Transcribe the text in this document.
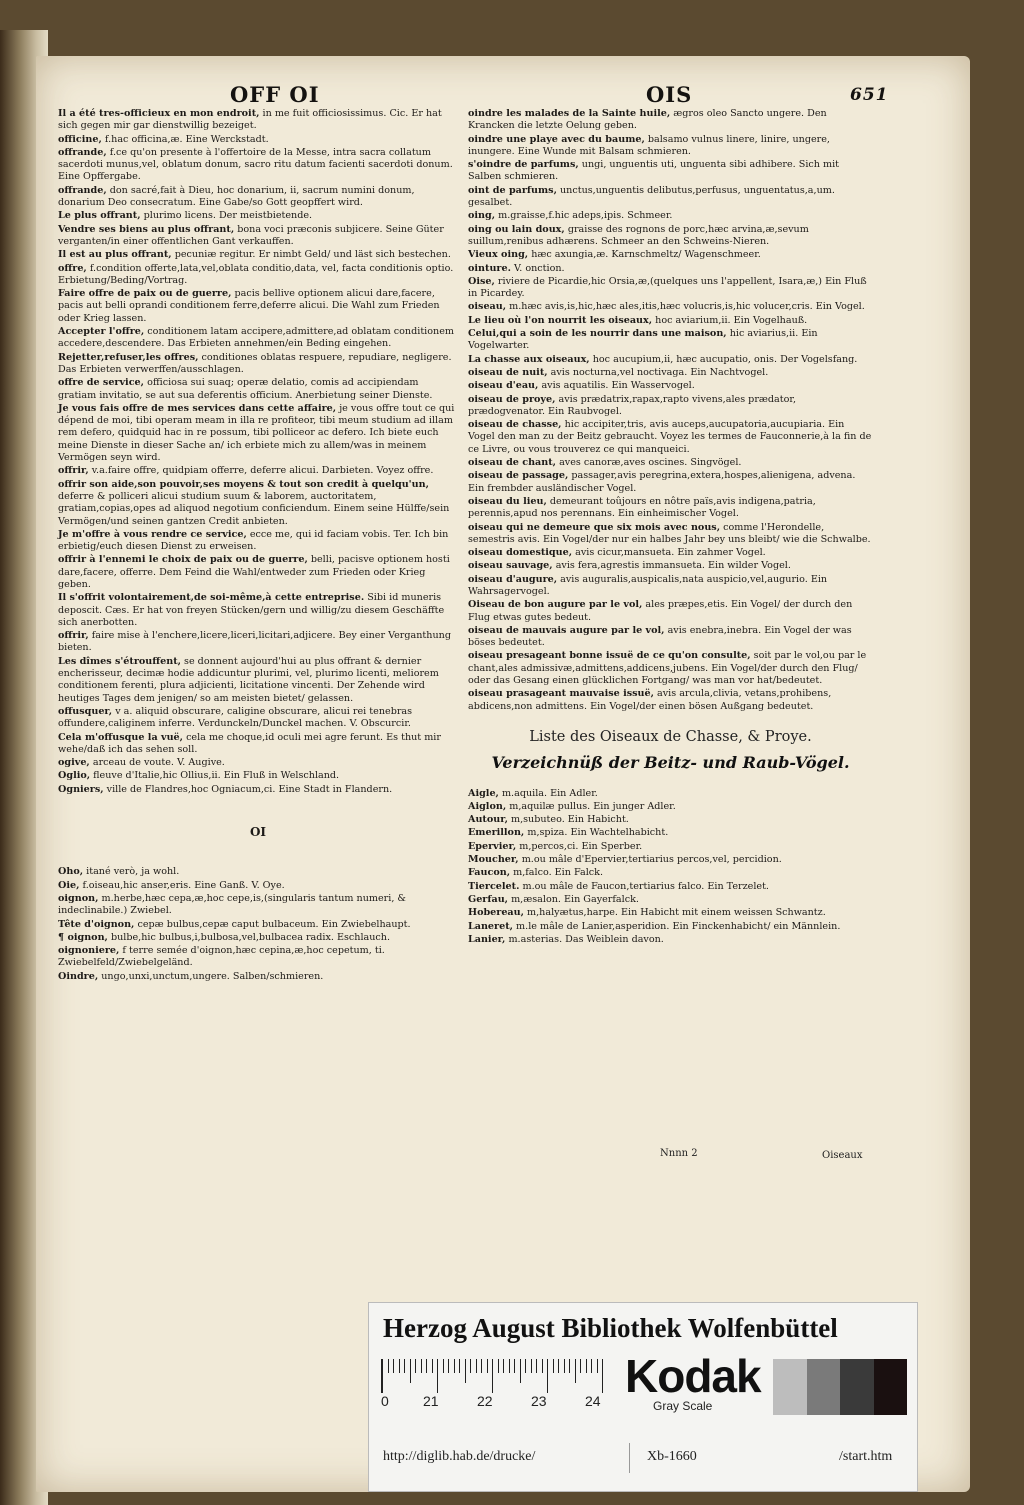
OFF OI	OIS	651
Il a été tres-officieux en mon endroit, in me fuit officiosissimus. Cic. Er hat sich gegen mir gar dienstwillig bezeiget.
officine, f.hac officina,æ. Eine Werckstadt.
offrande, f.ce qu'on presente à l'offertoire de la Messe, intra sacra collatum sacerdoti munus,vel, oblatum donum, sacro ritu datum facienti sacerdoti donum. Eine Opffergabe.
offrande, don sacré,fait à Dieu, hoc donarium, ii, sacrum numini donum, donarium Deo consecratum. Eine Gabe/so Gott geopffert wird.
Le plus offrant, plurimo licens. Der meistbietende.
Vendre ses biens au plus offrant, bona voci præconis subjicere. Seine Güter verganten/in einer offentlichen Gant verkauffen.
Il est au plus offrant, pecuniæ regitur. Er nimbt Geld/ und läst sich bestechen.
offre, f.condition offerte,lata,vel,oblata conditio,data, vel, facta conditionis optio. Erbietung/Beding/Vortrag.
Faire offre de paix ou de guerre, pacis bellive optionem alicui dare,facere, pacis aut belli oprandi conditionem ferre,deferre alicui. Die Wahl zum Frieden oder Krieg lassen.
Accepter l'offre, conditionem latam accipere,admittere,ad oblatam conditionem accedere,descendere. Das Erbieten annehmen/ein Beding eingehen.
Rejetter,refuser,les offres, conditiones oblatas respuere, repudiare, negligere. Das Erbieten verwerffen/ausschlagen.
offre de service, officiosa sui suaq; operæ delatio, comis ad accipiendam gratiam invitatio, se aut sua deferentis officium. Anerbietung seiner Dienste.
Je vous fais offre de mes services dans cette affaire, je vous offre tout ce qui dépend de moi, tibi operam meam in illa re profiteor, tibi meum studium ad illam rem defero, quidquid hac in re possum, tibi polliceor ac defero. Ich biete euch meine Dienste in dieser Sache an/ ich erbiete mich zu allem/was in meinem Vermögen seyn wird.
offrir, v.a.faire offre, quidpiam offerre, deferre alicui. Darbieten. Voyez offre.
offrir son aide,son pouvoir,ses moyens & tout son credit à quelqu'un, deferre & polliceri alicui studium suum & laborem, auctoritatem, gratiam,copias,opes ad aliquod negotium conficiendum. Einem seine Hülffe/sein Vermögen/und seinen gantzen Credit anbieten.
Je m'offre à vous rendre ce service, ecce me, qui id faciam vobis. Ter. Ich bin erbietig/euch diesen Dienst zu erweisen.
offrir à l'ennemi le choix de paix ou de guerre, belli, pacisve optionem hosti dare,facere, offerre. Dem Feind die Wahl/entweder zum Frieden oder Krieg geben.
Il s'offrit volontairement,de soi-même,à cette entreprise. Sibi id muneris deposcit. Cæs. Er hat von freyen Stücken/gern und willig/zu diesem Geschäffte sich anerbotten.
offrir, faire mise à l'enchere,licere,liceri,licitari,adjicere. Bey einer Verganthung bieten.
Les dîmes s'étrouffent, se donnent aujourd'hui au plus offrant & dernier encherisseur, decimæ hodie addicuntur plurimi, vel, plurimo licenti, meliorem conditionem ferenti, plura adjicienti, licitatione vincenti. Der Zehende wird heutiges Tages dem jenigen/ so am meisten bietet/ gelassen.
offusquer, v a. aliquid obscurare, caligine obscurare, alicui rei tenebras offundere,caliginem inferre. Verdunckeln/Dunckel machen. V. Obscurcir.
Cela m'offusque la vuë, cela me choque,id oculi mei agre ferunt. Es thut mir wehe/daß ich das sehen soll.
ogive, arceau de voute. V. Augive.
Oglio, fleuve d'Italie,hic Ollius,ii. Ein Fluß in Welschland.
Ogniers, ville de Flandres,hoc Ogniacum,ci. Eine Stadt in Flandern.
OI
Oho, itané verò, ja wohl.
Oie, f.oiseau,hic anser,eris. Eine Ganß. V. Oye.
oignon, m.herbe,hæc cepa,æ,hoc cepe,is,(singularis tantum numeri, & indeclinabile.) Zwiebel.
Tête d'oignon, cepæ bulbus,cepæ caput bulbaceum. Ein Zwiebelhaupt.
¶ oignon, bulbe,hic bulbus,i,bulbosa,vel,bulbacea radix. Eschlauch.
oignoniere, f terre semée d'oignon,hæc cepina,æ,hoc cepetum, ti. Zwiebelfeld/Zwiebelgeländ.
Oindre, ungo,unxi,unctum,ungere. Salben/schmieren.
oindre les malades de la Sainte huile, ægros oleo Sancto ungere. Den Krancken die letzte Oelung geben.
oindre une playe avec du baume, balsamo vulnus linere, linire, ungere, inungere. Eine Wunde mit Balsam schmieren.
s'oindre de parfums, ungi, unguentis uti, unguenta sibi adhibere. Sich mit Salben schmieren.
oint de parfums, unctus,unguentis delibutus,perfusus, unguentatus,a,um. gesalbet.
oing, m.graisse,f.hic adeps,ipis. Schmeer.
oing ou lain doux, graisse des rognons de porc,hæc arvina,æ,sevum suillum,renibus adhærens. Schmeer an den Schweins-Nieren.
Vieux oing, hæc axungia,æ. Karnschmeltz/ Wagenschmeer.
ointure. V. onction.
Oise, riviere de Picardie,hic Orsia,æ,(quelques uns l'appellent, Isara,æ,) Ein Fluß in Picardey.
oiseau, m.hæc avis,is,hic,hæc ales,itis,hæc volucris,is,hic volucer,cris. Ein Vogel.
Le lieu où l'on nourrit les oiseaux, hoc aviarium,ii. Ein Vogelhauß.
Celui,qui a soin de les nourrir dans une maison, hic aviarius,ii. Ein Vogelwarter.
La chasse aux oiseaux, hoc aucupium,ii, hæc aucupatio, onis. Der Vogelsfang.
oiseau de nuit, avis nocturna,vel noctivaga. Ein Nachtvogel.
oiseau d'eau, avis aquatilis. Ein Wasservogel.
oiseau de proye, avis prædatrix,rapax,rapto vivens,ales prædator, prædogvenator. Ein Raubvogel.
oiseau de chasse, hic accipiter,tris, avis auceps,aucupatoria,aucupiaria. Ein Vogel den man zu der Beitz gebraucht. Voyez les termes de Fauconnerie,à la fin de ce Livre, ou vous trouverez ce qui manqueici.
oiseau de chant, aves canoræ,aves oscines. Singvögel.
oiseau de passage, passager,avis peregrina,extera,hospes,alienigena, advena. Ein frembder ausländischer Vogel.
oiseau du lieu, demeurant toûjours en nôtre païs,avis indigena,patria, perennis,apud nos perennans. Ein einheimischer Vogel.
oiseau qui ne demeure que six mois avec nous, comme l'Herondelle, semestris avis. Ein Vogel/der nur ein halbes Jahr bey uns bleibt/ wie die Schwalbe.
oiseau domestique, avis cicur,mansueta. Ein zahmer Vogel.
oiseau sauvage, avis fera,agrestis immansueta. Ein wilder Vogel.
oiseau d'augure, avis auguralis,auspicalis,nata auspicio,vel,augurio. Ein Wahrsagervogel.
Oiseau de bon augure par le vol, ales præpes,etis. Ein Vogel/ der durch den Flug etwas gutes bedeut.
oiseau de mauvais augure par le vol, avis enebra,inebra. Ein Vogel der was böses bedeutet.
oiseau presageant bonne issuë de ce qu'on consulte, soit par le vol,ou par le chant,ales admissivæ,admittens,addicens,jubens. Ein Vogel/der durch den Flug/ oder das Gesang einen glücklichen Fortgang/ was man vor hat/bedeutet.
oiseau prasageant mauvaise issuë, avis arcula,clivia, vetans,prohibens, abdicens,non admittens. Ein Vogel/der einen bösen Außgang bedeutet.
Liste des Oiseaux de Chasse, & Proye.
Verzeichnüß der Beitz- und Raub-Vögel.
Aigle, m.aquila. Ein Adler.
Aiglon, m,aquilæ pullus. Ein junger Adler.
Autour, m,subuteo. Ein Habicht.
Emerillon, m,spiza. Ein Wachtelhabicht.
Epervier, m,percos,ci. Ein Sperber.
Moucher, m.ou mâle d'Epervier,tertiarius percos,vel, percidion.
Faucon, m,falco. Ein Falck.
Tiercelet. m.ou mâle de Faucon,tertiarius falco. Ein Terzelet.
Gerfau, m,æsalon. Ein Gayerfalck.
Hobereau, m,halyætus,harpe. Ein Habicht mit einem weissen Schwantz.
Laneret, m.le mâle de Lanier,asperidion. Ein Finckenhabicht/ ein Männlein.
Lanier, m.asterias. Das Weiblein davon.
Nnnn 2	Oiseaux
Herzog August Bibliothek Wolfenbüttel
0 21	22	23	24 Kodak
Gray Scale
http://diglib.hab.de/drucke/	Xb-1660	/start.htm
